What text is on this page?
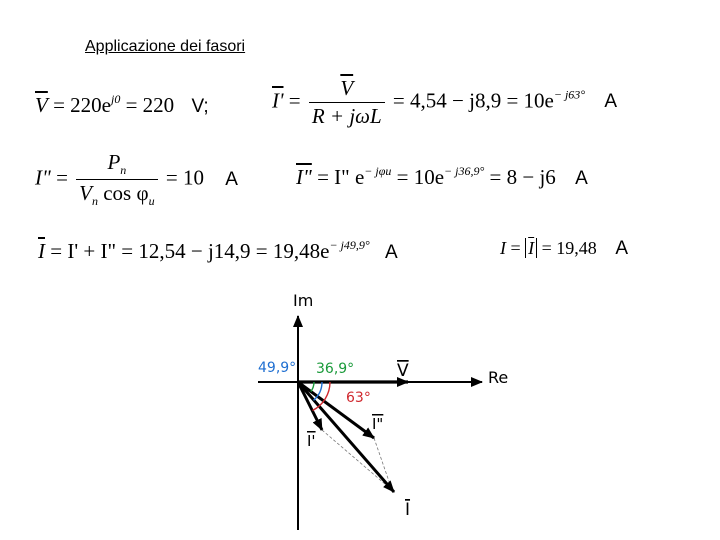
Applicazione dei fasori
$\overline{V} = 220e^{j0} = 220$ V;	$I' = \frac{\overline{V}}{\text{R + jωL}} = 4,54 - j8,9 = 10e^{- j63^\circ}$ A
I" = $\frac{P_n}{V_n \cos \varphi_u} = 10$ A	I" = I" $e^{- j\varphi u} = 10e^{- j36,9^\circ} = 8 - j6$ A
$\overline{I} = I' + I$" = $12,54 - j14,9 = 19,48e^{- j49,9^\circ}$ A	$I = \overline{I} = 19,48$ A
Im
Re
49,9° 36,9°
63°
V
I'
I"
I
